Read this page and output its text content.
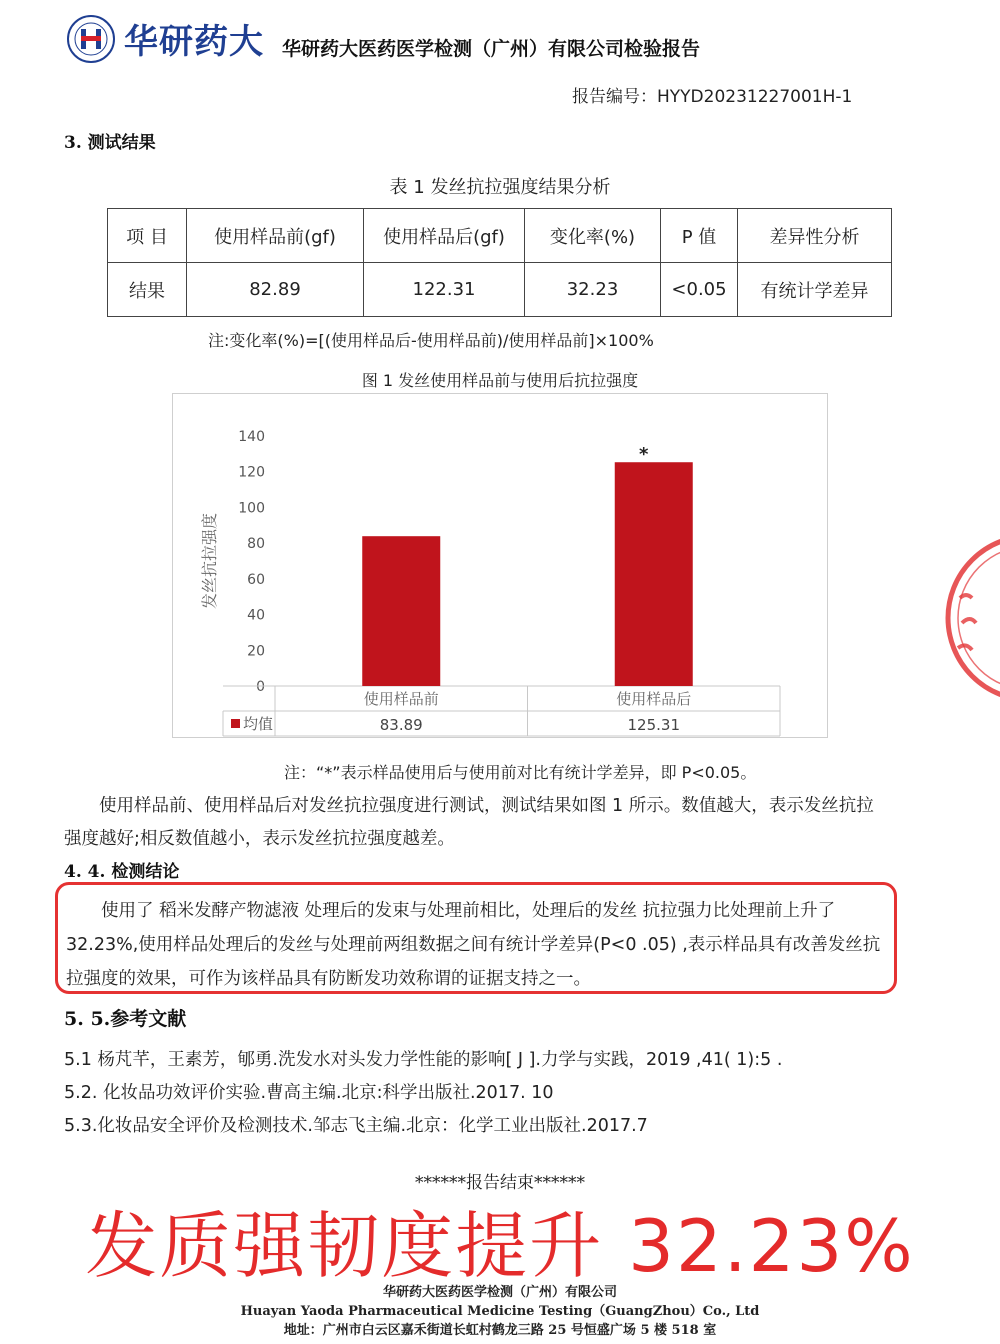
华研药大 华研药大医药医学检测（广州）有限公司检验报告
报告编号：HYYD20231227001H-1
3. 测试结果
表 1 发丝抗拉强度结果分析
项 目	使用样品前(gf)	使用样品后(gf)	变化率(%)	P 值	差异性分析
结果	82.89	122.31	32.23	<0.05	有统计学差异
注:变化率(%)=[(使用样品后-使用样品前)/使用样品前]×100%
图 1 发丝使用样品前与使用后抗拉强度
0
20
40
60
80
100
120
140
发丝抗拉强度
均值
使用样品前
83.89
使用样品后
125.31
*
注：“*”表示样品使用后与使用前对比有统计学差异，即 P<0.05。
使用样品前、使用样品后对发丝抗拉强度进行测试，测试结果如图 1 所示。数值越大，表示发丝抗拉强度越好;相反数值越小，表示发丝抗拉强度越差。
4. 4. 检测结论
使用了 稻米发酵产物滤液 处理后的发束与处理前相比，处理后的发丝 抗拉强力比处理前上升了 32.23%,使用样品处理后的发丝与处理前两组数据之间有统计学差异(P<0 .05) ,表示样品具有改善发丝抗拉强度的效果，可作为该样品具有防断发功效称谓的证据支持之一。
5. 5.参考文献
5.1 杨芃芊，王素芳，郇勇.洗发水对头发力学性能的影响[ J ].力学与实践，2019 ,41( 1):5 .
5.2. 化妆品功效评价实验.曹高主编.北京:科学出版社.2017. 10
5.3.化妆品安全评价及检测技术.邹志飞主编.北京：化学工业出版社.2017.7
******报告结束******
发质强韧度提升 32.23%
华研药大医药医学检测（广州）有限公司
Huayan Yaoda Pharmaceutical Medicine Testing（GuangZhou）Co., Ltd
地址：广州市白云区嘉禾街道长虹村鹤龙三路 25 号恒盛广场 5 楼 518 室
